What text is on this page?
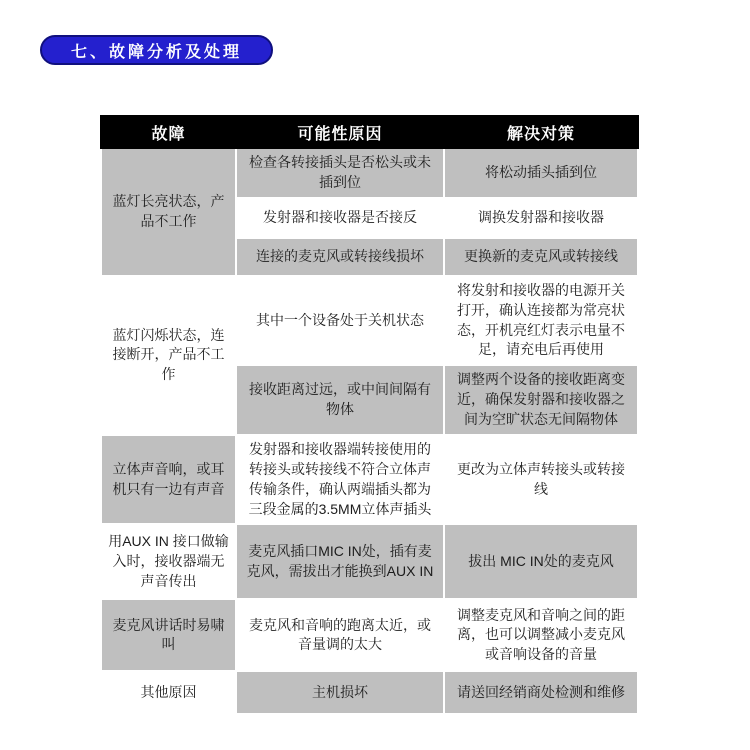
七、故障分析及处理
故障	可能性原因	解决对策
蓝灯长亮状态，产品不工作	检查各转接插头是否松头或未插到位	将松动插头插到位
	发射器和接收器是否接反	调换发射器和接收器
	连接的麦克风或转接线损坏	更换新的麦克风或转接线
蓝灯闪烁状态，连接断开，产品不工作	其中一个设备处于关机状态	将发射和接收器的电源开关打开，确认连接都为常亮状态，开机亮红灯表示电量不足，请充电后再使用
	接收距离过远，或中间间隔有物体	调整两个设备的接收距离变近，确保发射器和接收器之间为空旷状态无间隔物体
立体声音响，或耳机只有一边有声音	发射器和接收器端转接使用的转接头或转接线不符合立体声传输条件，确认两端插头都为三段金属的3.5MM立体声插头	更改为立体声转接头或转接线
用AUX IN 接口做输入时，接收器端无声音传出	麦克风插口MIC IN处，插有麦克风，需拔出才能换到AUX IN	拔出 MIC IN处的麦克风
麦克风讲话时易啸叫	麦克风和音响的跑离太近，或音量调的太大	调整麦克风和音响之间的距离，也可以调整减小麦克风或音响设备的音量
其他原因	主机损坏	请送回经销商处检测和维修
